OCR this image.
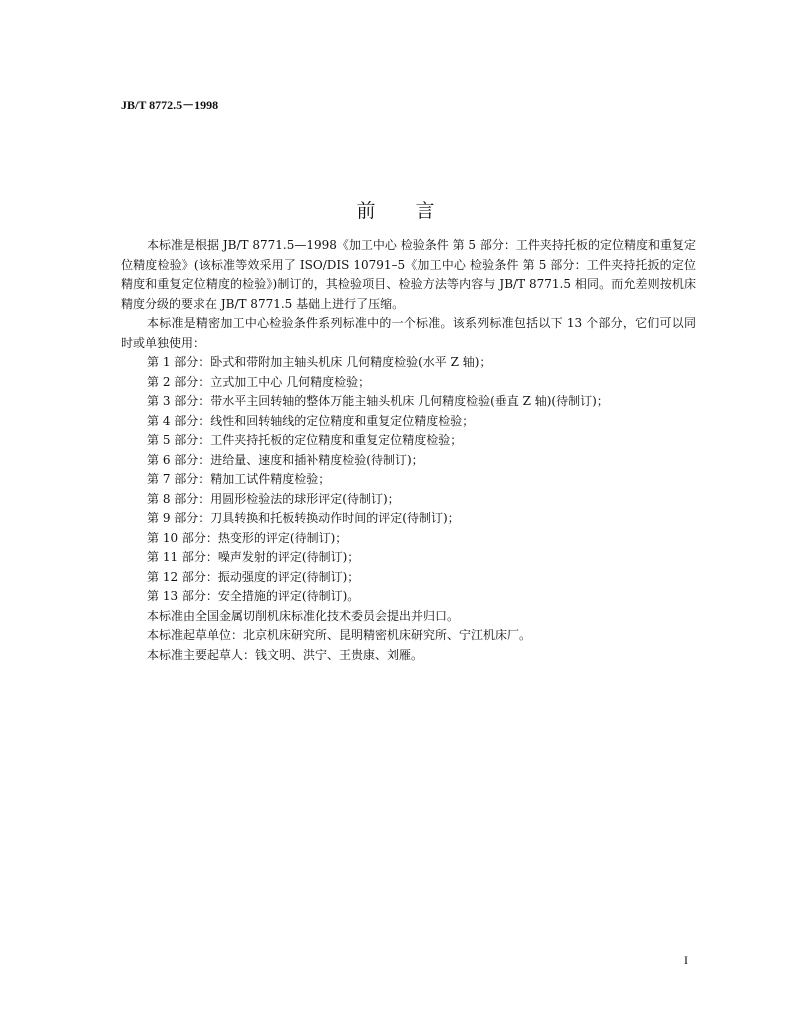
JB/T 8772.5－1998
前言

本标准是根据 JB/T 8771.5—1998《加工中心 检验条件 第 5 部分：工件夹持托板的定位精度和重复定位精度检验》(该标准等效采用了 ISO/DIS 10791–5《加工中心 检验条件 第 5 部分：工件夹持托扳的定位精度和重复定位精度的检验》)制订的，其检验项目、检验方法等内容与 JB/T 8771.5 相同。而允差则按机床精度分级的要求在 JB/T 8771.5 基础上进行了压缩。

本标准是精密加工中心检验条件系列标准中的一个标准。该系列标准包括以下 13 个部分，它们可以同时或单独使用：

第 1 部分：卧式和带附加主轴头机床 几何精度检验(水平 Z 轴)；

第 2 部分：立式加工中心 几何精度检验；

第 3 部分：带水平主回转轴的整体万能主轴头机床 几何精度检验(垂直 Z 轴)(待制订)；

第 4 部分：线性和回转轴线的定位精度和重复定位精度检验；

第 5 部分：工件夹持托板的定位精度和重复定位精度检验；

第 6 部分：进给量、速度和插补精度检验(待制订)；

第 7 部分：精加工试件精度检验；

第 8 部分：用圆形检验法的球形评定(待制订)；

第 9 部分：刀具转换和托板转换动作时间的评定(待制订)；

第 10 部分：热变形的评定(待制订)；

第 11 部分：噪声发射的评定(待制订)；

第 12 部分：振动强度的评定(待制订)；

第 13 部分：安全措施的评定(待制订)。

本标准由全国金属切削机床标准化技术委员会提出并归口。

本标准起草单位：北京机床研究所、昆明精密机床研究所、宁江机床厂。

本标准主要起草人：钱文明、洪宁、王贵康、刘雁。

I
